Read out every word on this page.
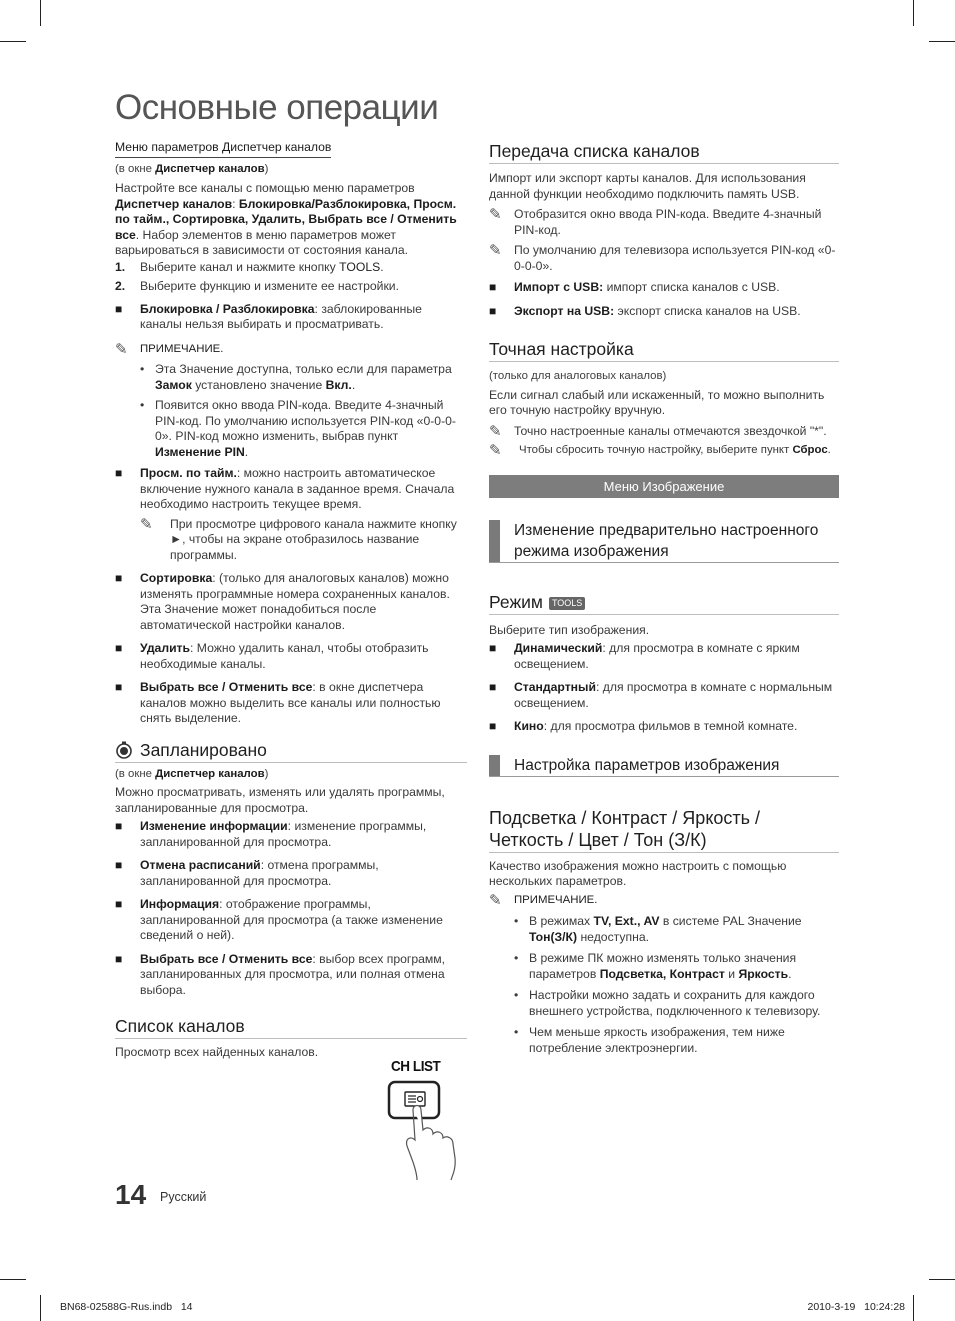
Основные операции
Меню параметров Диспетчер каналов
(в окне Диспетчер каналов)
Настройте все каналы с помощью меню параметров Диспетчер каналов: Блокировка/Разблокировка, Просм. по тайм., Сортировка, Удалить, Выбрать все / Отменить все. Набор элементов в меню параметров может варьироваться в зависимости от состояния канала.
1.	Выберите канал и нажмите кнопку TOOLS.
2.	Выберите функцию и измените ее настройки.
■	Блокировка / Разблокировка: заблокированные каналы нельзя выбирать и просматривать.
✎	ПРИМЕЧАНИЕ.
• Эта Значение доступна, только если для параметра Замок установлено значение Вкл..
• Появится окно ввода PIN-кода. Введите 4-значный PIN-код. По умолчанию используется PIN-код «0-0-0-0». PIN-код можно изменить, выбрав пункт Изменение PIN.
■	Просм. по тайм.: можно настроить автоматическое включение нужного канала в заданное время. Сначала необходимо настроить текущее время.
✎	При просмотре цифрового канала нажмите кнопку ►, чтобы на экране отобразилось название программы.
■	Сортировка: (только для аналоговых каналов) можно изменять программные номера сохраненных каналов. Эта Значение может понадобиться после автоматической настройки каналов.
■	Удалить: Можно удалить канал, чтобы отобразить необходимые каналы.
■	Выбрать все / Отменить все: в окне диспетчера каналов можно выделить все каналы или полностью снять выделение.
Запланировано
(в окне Диспетчер каналов)
Можно просматривать, изменять или удалять программы, запланированные для просмотра.
■	Изменение информации: изменение программы, запланированной для просмотра.
■	Отмена расписаний: отмена программы, запланированной для просмотра.
■	Информация: отображение программы, запланированной для просмотра (а также изменение сведений о ней).
■	Выбрать все / Отменить все: выбор всех программ, запланированных для просмотра, или полная отмена выбора.
Список каналов
Просмотр всех найденных каналов.
CH LIST
Передача списка каналов
Импорт или экспорт карты каналов. Для использования данной функции необходимо подключить память USB.
✎	Отобразится окно ввода PIN-кода. Введите 4-значный PIN-код.
✎	По умолчанию для телевизора используется PIN-код «0-0-0-0».
■	Импорт с USB: импорт списка каналов с USB.
■	Экспорт на USB: экспорт списка каналов на USB.
Точная настройка
(только для аналоговых каналов)
Если сигнал слабый или искаженный, то можно выполнить его точную настройку вручную.
✎	Точно настроенные каналы отмечаются звездочкой "*".
✎	Чтобы сбросить точную настройку, выберите пункт Сброс.
Меню Изображение
Изменение предварительно настроенного режима изображения
Режим TOOLS
Выберите тип изображения.
■	Динамический: для просмотра в комнате с ярким освещением.
■	Стандартный: для просмотра в комнате с нормальным освещением.
■	Кино: для просмотра фильмов в темной комнате.
Настройка параметров изображения
Подсветка / Контраст / Яркость / Четкость / Цвет / Тон (З/К)
Качество изображения можно настроить с помощью нескольких параметров.
✎	ПРИМЕЧАНИЕ.
• В режимах TV, Ext., AV в системе PAL Значение Тон(З/К) недоступна.
• В режиме ПК можно изменять только значения параметров Подсветка, Контраст и Яркость.
• Настройки можно задать и сохранить для каждого внешнего устройства, подключенного к телевизору.
• Чем меньше яркость изображения, тем ниже потребление электроэнергии.
14 Русский
BN68-02588G-Rus.indb   14	2010-3-19   10:24:28
